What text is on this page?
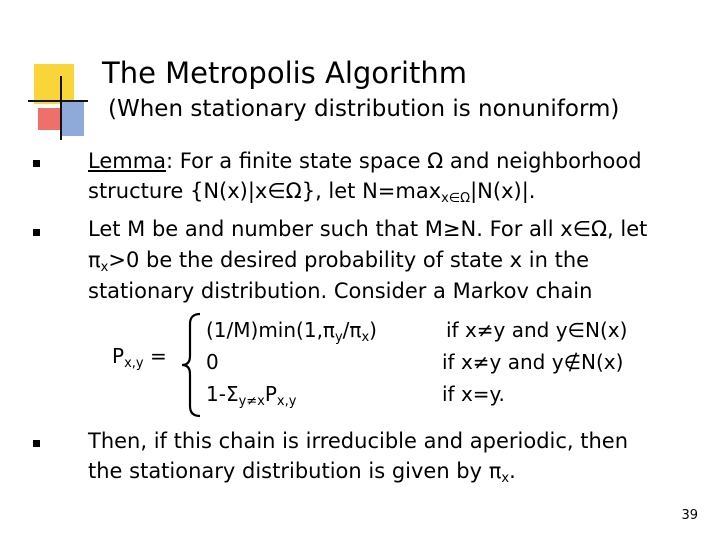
The Metropolis Algorithm
(When stationary distribution is nonuniform)
Lemma: For a finite state space Ω and neighborhood
structure {N(x)|x∈Ω}, let $N=\max_{x\in\Omega}|N(x)|$.
Let M be and number such that M≥N. For all x∈Ω, let
$\pi_x>0$ be the desired probability of state x in the
stationary distribution. Consider a Markov chain
$P_{x,y}$ =
$(1/M)\min(1,\pi_y/\pi_x)$	if x≠y and y∈N(x)
0	if x≠y and y∉N(x)
$1-\Sigma_{y\ne x}P_{x,y}$	if x=y.
Then, if this chain is irreducible and aperiodic, then
the stationary distribution is given by $\pi_x$.
39
